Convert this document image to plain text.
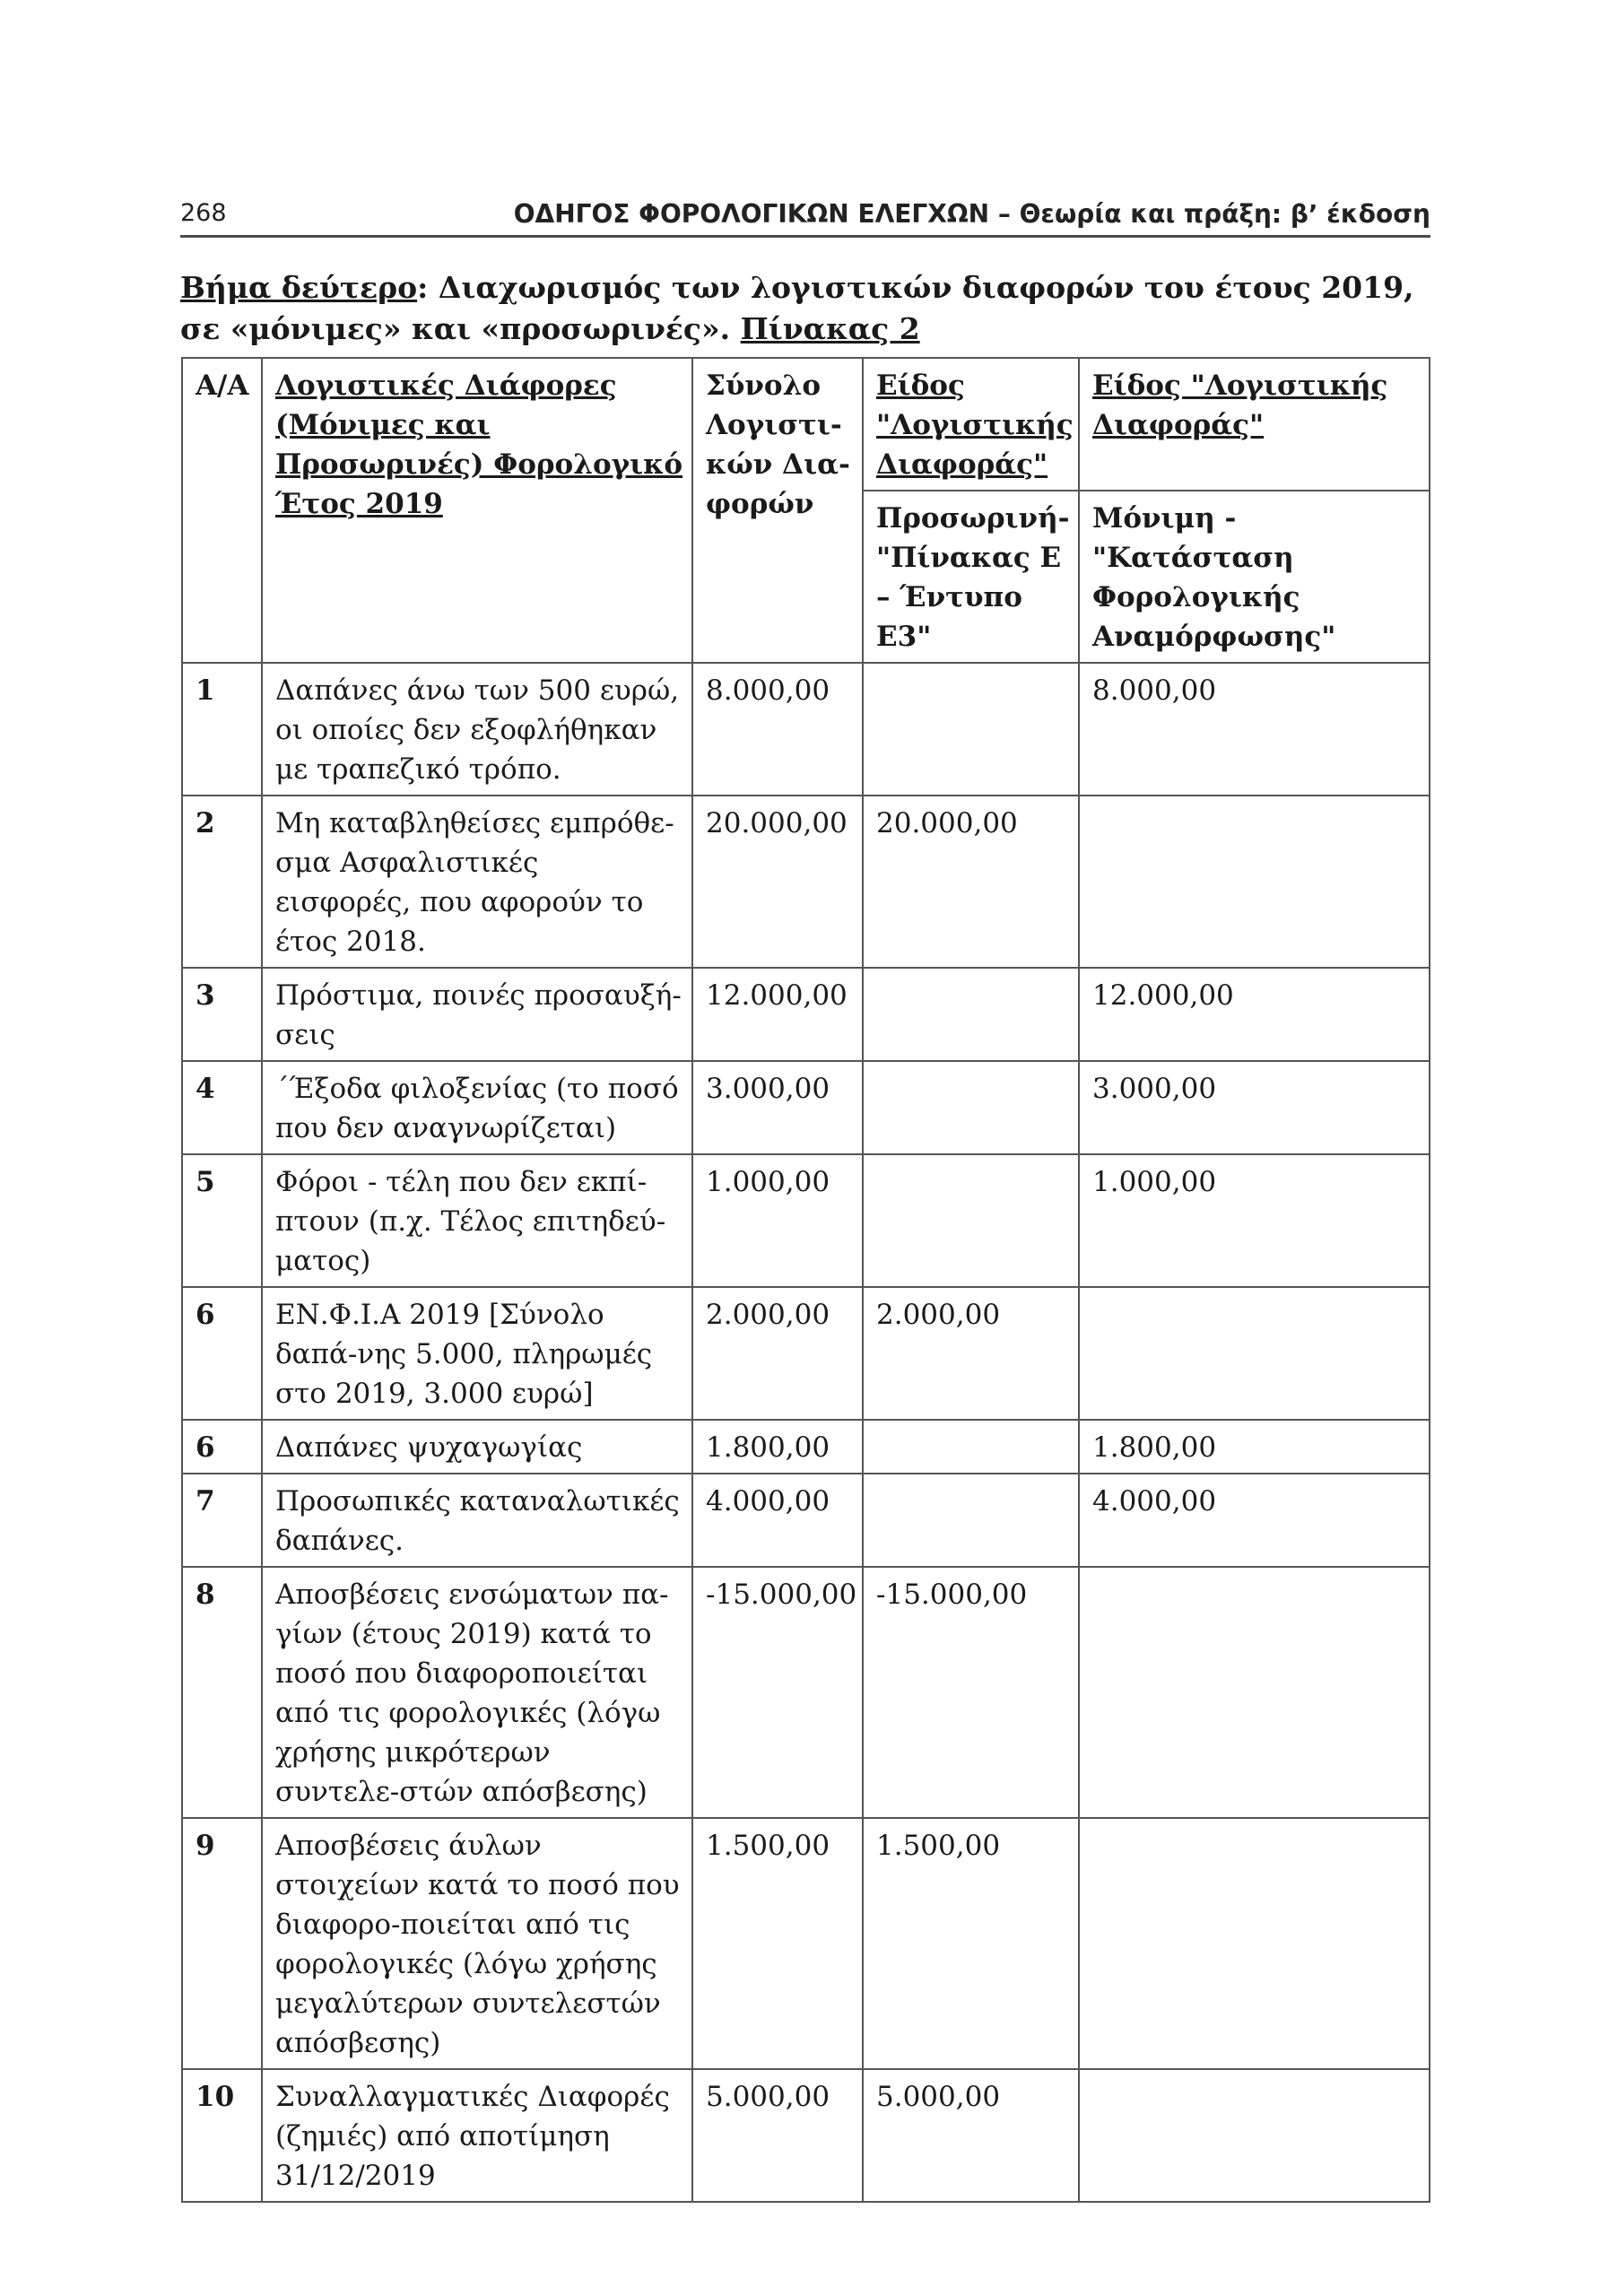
268	ΟΔΗΓΟΣ ΦΟΡΟΛΟΓΙΚΩΝ ΕΛΕΓΧΩΝ – Θεωρία και πράξη: β’ έκδοση
Βήμα δεύτερο: Διαχωρισμός των λογιστικών διαφορών του έτους 2019, σε «μόνιμες» και «προσωρινές». Πίνακας 2
Α/Α	Λογιστικές Διάφορες (Μόνιμες και Προσωρινές) Φορολογικό Έτος 2019	Σύνολο Λογιστι-κών Δια-φορών	Είδος "Λογιστικής Διαφοράς"	Είδος "Λογιστικής Διαφοράς"
			Προσωρινή- "Πίνακας Ε – Έντυπο Ε3"	Μόνιμη - "Κατάσταση Φορολογικής Αναμόρφωσης"
1	Δαπάνες άνω των 500 ευρώ, οι οποίες δεν εξοφλήθηκαν με τραπεζικό τρόπο.	8.000,00		8.000,00
2	Μη καταβληθείσες εμπρόθε-σμα Ασφαλιστικές εισφορές, που αφορούν το έτος 2018.	20.000,00	20.000,00	
3	Πρόστιμα, ποινές προσαυξή-σεις	12.000,00		12.000,00
4	΄Έξοδα φιλοξενίας (το ποσό που δεν αναγνωρίζεται)	3.000,00		3.000,00
5	Φόροι - τέλη που δεν εκπί-πτουν (π.χ. Τέλος επιτηδεύ-ματος)	1.000,00		1.000,00
6	ΕΝ.Φ.Ι.Α 2019 [Σύνολο δαπά-νης 5.000, πληρωμές στο 2019, 3.000 ευρώ]	2.000,00	2.000,00	
6	Δαπάνες ψυχαγωγίας	1.800,00		1.800,00
7	Προσωπικές καταναλωτικές δαπάνες.	4.000,00		4.000,00
8	Αποσβέσεις ενσώματων πα-γίων (έτους 2019) κατά το ποσό που διαφοροποιείται από τις φορολογικές (λόγω χρήσης μικρότερων συντελε-στών απόσβεσης)	-15.000,00	-15.000,00	
9	Αποσβέσεις άυλων στοιχείων κατά το ποσό που διαφορο-ποιείται από τις φορολογικές (λόγω χρήσης μεγαλύτερων συντελεστών απόσβεσης)	1.500,00	1.500,00	
10	Συναλλαγματικές Διαφορές (ζημιές) από αποτίμηση 31/12/2019	5.000,00	5.000,00	
